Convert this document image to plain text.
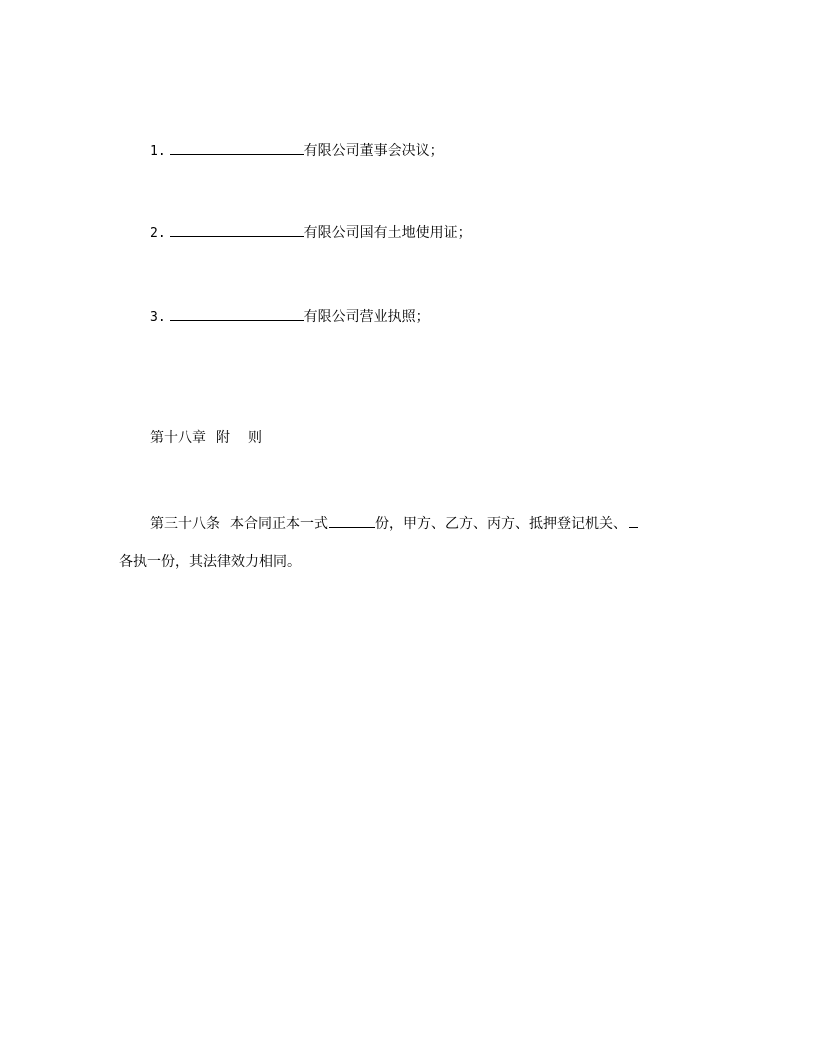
1.	有限公司董事会决议；
2.	有限公司国有土地使用证；
3.	有限公司营业执照；
第十八章 附 则
第三十八条 本合同正本一式	份，甲方、乙方、丙方、抵押登记机关、
各执一份，其法律效力相同。
